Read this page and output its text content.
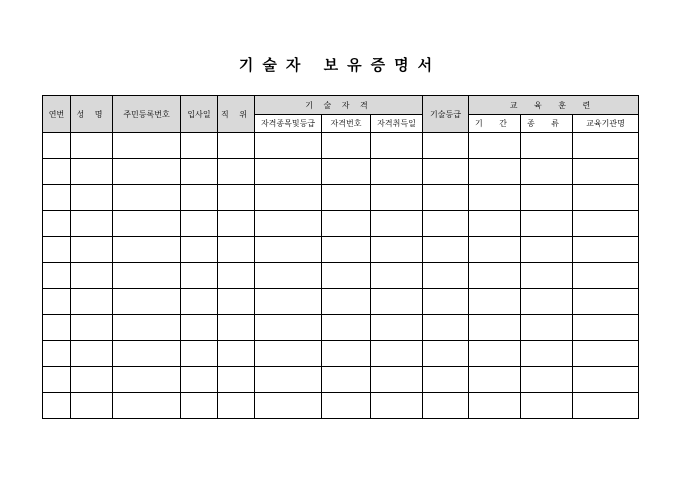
기술자 보유증명서
연번	성 명	주민등록번호	입사일	직 위	기 술 자 격			기술등급	교 육 훈 련		
					자격종목및등급	자격번호	자격취득일		기 간	종 류	교육기관명
